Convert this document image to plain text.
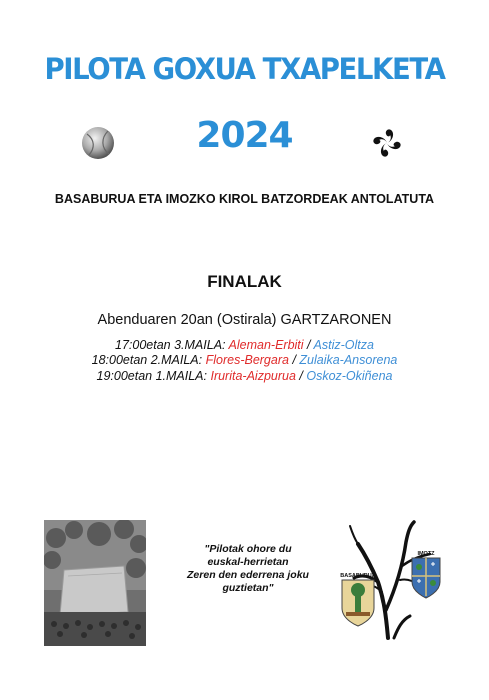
PILOTA GOXUA TXAPELKETA
2024
BASABURUA ETA IMOZKO KIROL BATZORDEAK ANTOLATUTA
FINALAK
Abenduaren 20an (Ostirala) GARTZARONEN
17:00etan 3.MAILA: Aleman-Erbiti / Astiz-Oltza
18:00etan 2.MAILA: Flores-Bergara / Zulaika-Ansorena
19:00etan 1.MAILA: Irurita-Aizpurua / Oskoz-Okiñena
"Pilotak ohore du
euskal-herrietan
Zeren den ederrena joku
guztietan"
BASABURUA
IMOTZ
